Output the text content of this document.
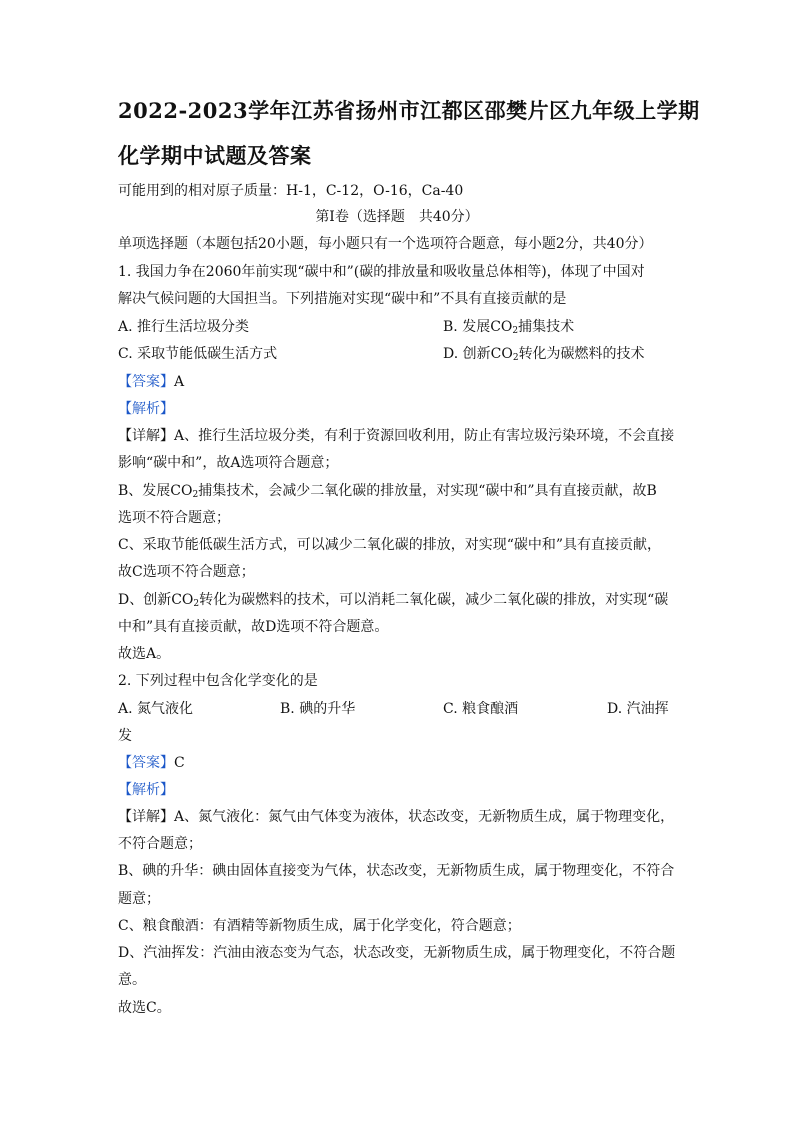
2022-2023学年江苏省扬州市江都区邵樊片区九年级上学期
化学期中试题及答案
可能用到的相对原子质量：H-1，C-12，O-16，Ca-40
第Ⅰ卷（选择题　共40分）
单项选择题（本题包括20小题，每小题只有一个选项符合题意，每小题2分，共40分）
1. 我国力争在2060年前实现“碳中和”(碳的排放量和吸收量总体相等)，体现了中国对
解决气候问题的大国担当。下列措施对实现“碳中和”不具有直接贡献的是
A. 推行生活垃圾分类	B. 发展$CO_2$捕集技术
C. 采取节能低碳生活方式	D. 创新$CO_2$转化为碳燃料的技术
【答案】A
【解析】
【详解】A、推行生活垃圾分类，有利于资源回收利用，防止有害垃圾污染环境，不会直接
影响“碳中和”，故A选项符合题意；
B、发展$CO_2$捕集技术，会减少二氧化碳的排放量，对实现“碳中和”具有直接贡献，故B
选项不符合题意；
C、采取节能低碳生活方式，可以减少二氧化碳的排放，对实现“碳中和”具有直接贡献，
故C选项不符合题意；
D、创新$CO_2$转化为碳燃料的技术，可以消耗二氧化碳，减少二氧化碳的排放，对实现“碳
中和”具有直接贡献，故D选项不符合题意。
故选A。
2. 下列过程中包含化学变化的是
A. 氮气液化	B. 碘的升华	C. 粮食酿酒	D. 汽油挥
发
【答案】C
【解析】
【详解】A、氮气液化：氮气由气体变为液体，状态改变，无新物质生成，属于物理变化，
不符合题意；
B、碘的升华：碘由固体直接变为气体，状态改变，无新物质生成，属于物理变化，不符合
题意；
C、粮食酿酒：有酒精等新物质生成，属于化学变化，符合题意；
D、汽油挥发：汽油由液态变为气态，状态改变，无新物质生成，属于物理变化，不符合题
意。
故选C。
